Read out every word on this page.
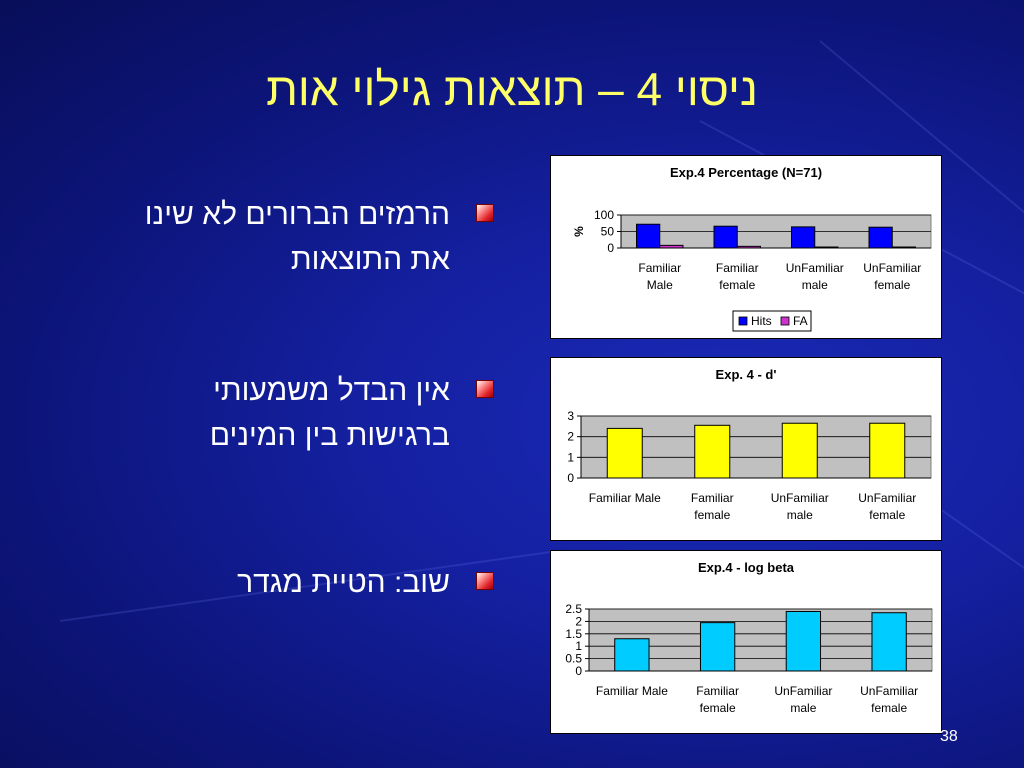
ניסוי 4 – תוצאות גילוי אות
הרמזים הברורים לא שינו
את התוצאות
אין הבדל משמעותי
ברגישות בין המינים
שוב: הטיית מגדר
Exp.4 Percentage (N=71)
0
50
100
%
Familiar
Male
Familiar
female
UnFamiliar
male
UnFamiliar
female
Hits FA
Exp. 4 - d'
0
1
2
3
Familiar Male	Familiar
female
UnFamiliar
male
UnFamiliar
female
Exp.4 - log beta
0
0.5
1
1.5
2
2.5
Familiar Male Familiar
female
UnFamiliar
male
UnFamiliar
female
38
